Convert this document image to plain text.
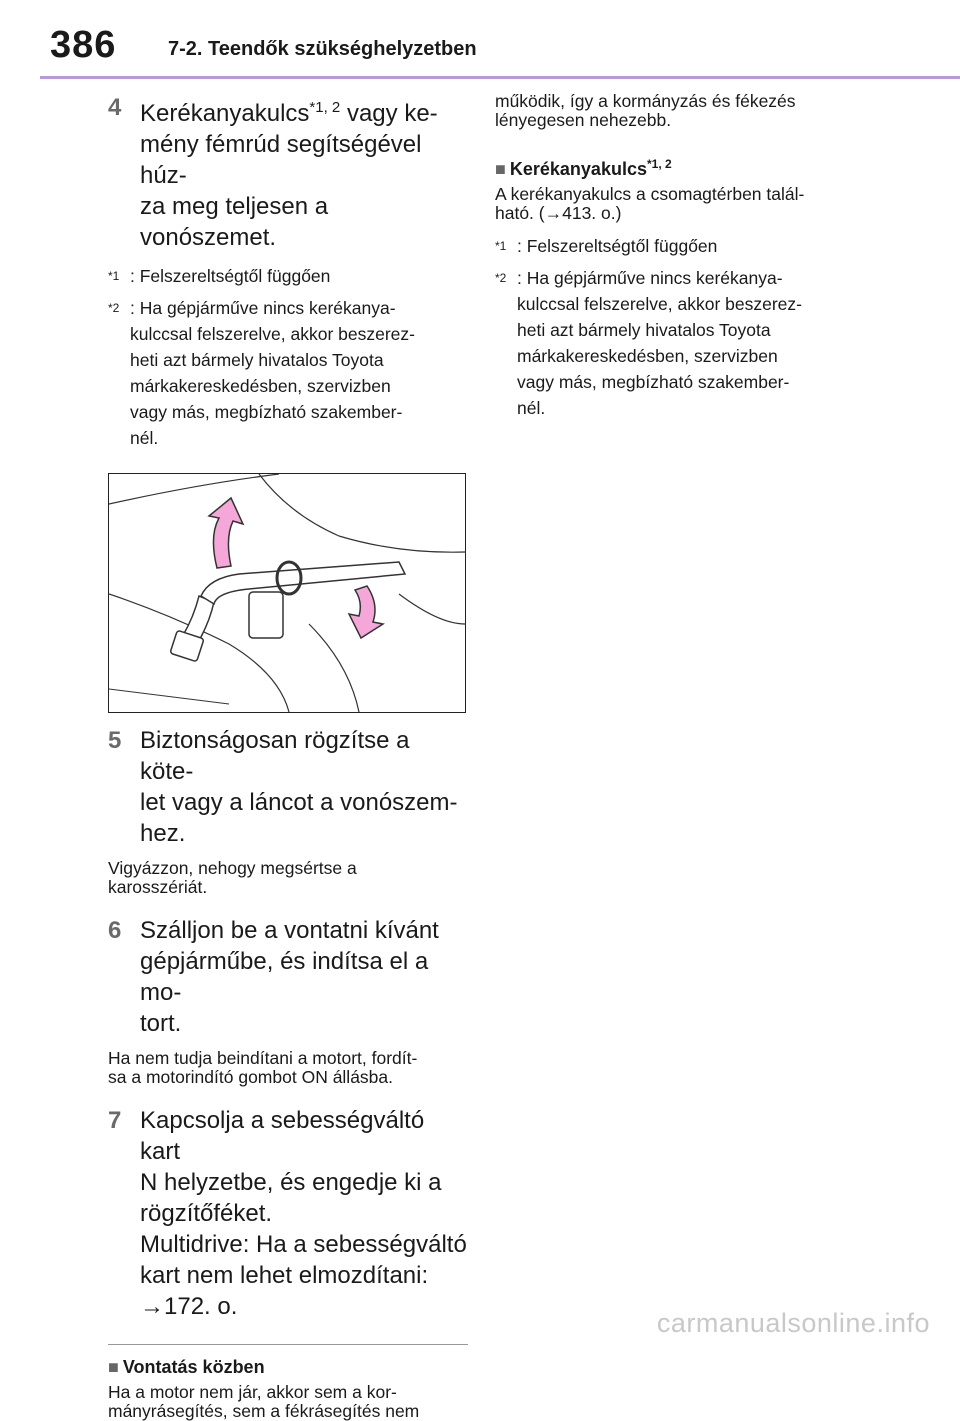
386	7-2. Teendők szükséghelyzetben
4 Kerékanyakulcs$^{*1, 2}$ vagy ke-
mény fémrúd segítségével húz-
za meg teljesen a vonószemet.
$^{*1}$ : Felszereltségtől függően
$^{*2}$ : Ha gépjárműve nincs kerékanya-
kulccsal felszerelve, akkor beszerez-
heti azt bármely hivatalos Toyota
márkakereskedésben, szervizben
vagy más, megbízható szakember-
nél.
5 Biztonságosan rögzítse a köte-
let vagy a láncot a vonószem-
hez.

Vigyázzon, nehogy megsértse a
karosszériát.

6 Szálljon be a vontatni kívánt
gépjárműbe, és indítsa el a mo-
tort.

Ha nem tudja beindítani a motort, fordít-
sa a motorindító gombot ON állásba.

7 Kapcsolja a sebességváltó kart
N helyzetbe, és engedje ki a
rögzítőféket.
Multidrive: Ha a sebességváltó
kart nem lehet elmozdítani:
→172. o.
■ Vontatás közben

Ha a motor nem jár, akkor sem a kor-
mányrásegítés, sem a fékrásegítés nem

működik, így a kormányzás és fékezés
lényegesen nehezebb.

■ Kerékanyakulcs$^{*1, 2}$

A kerékanyakulcs a csomagtérben talál-
ható. (→413. o.)

$^{*1}$ : Felszereltségtől függően
$^{*2}$ : Ha gépjárműve nincs kerékanya-
kulccsal felszerelve, akkor beszerez-
heti azt bármely hivatalos Toyota
márkakereskedésben, szervizben
vagy más, megbízható szakember-
nél.
carmanualsonline.info
